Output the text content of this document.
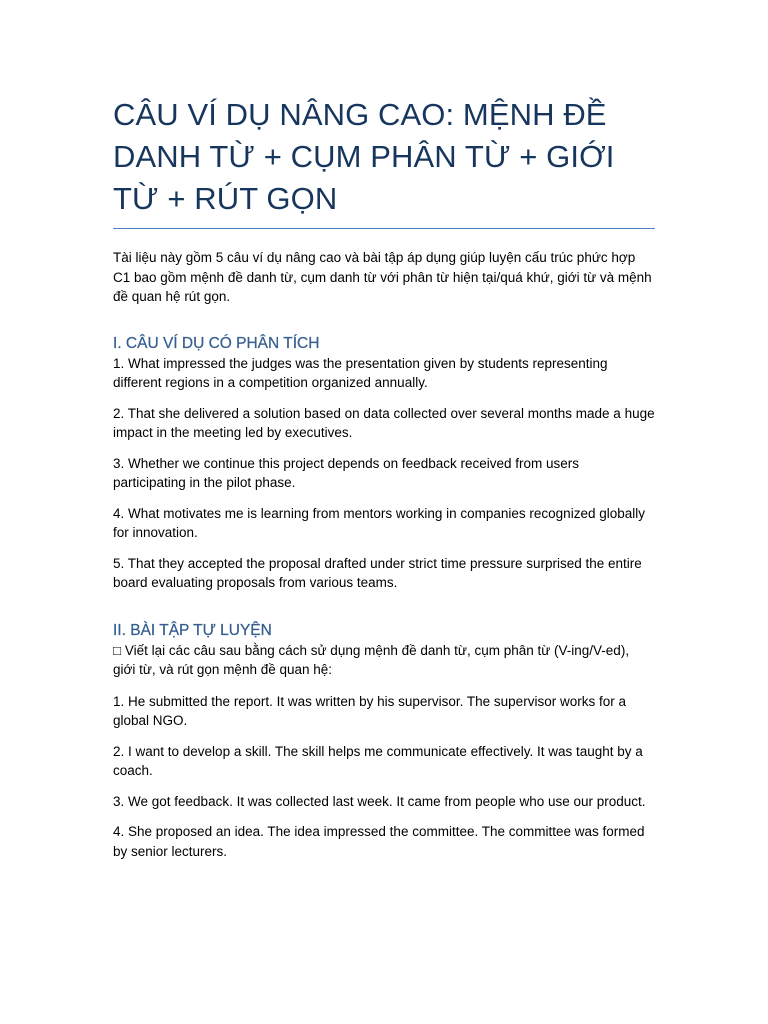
CÂU VÍ DỤ NÂNG CAO: MỆNH ĐỀ DANH TỪ + CỤM PHÂN TỪ + GIỚI TỪ + RÚT GỌN

Tài liệu này gồm 5 câu ví dụ nâng cao và bài tập áp dụng giúp luyện cấu trúc phức hợp C1 bao gồm mệnh đề danh từ, cụm danh từ với phân từ hiện tại/quá khứ, giới từ và mệnh đề quan hệ rút gọn.

I. CÂU VÍ DỤ CÓ PHÂN TÍCH

1. What impressed the judges was the presentation given by students representing different regions in a competition organized annually.

2. That she delivered a solution based on data collected over several months made a huge impact in the meeting led by executives.

3. Whether we continue this project depends on feedback received from users participating in the pilot phase.

4. What motivates me is learning from mentors working in companies recognized globally for innovation.

5. That they accepted the proposal drafted under strict time pressure surprised the entire board evaluating proposals from various teams.

II. BÀI TẬP TỰ LUYỆN

□ Viết lại các câu sau bằng cách sử dụng mệnh đề danh từ, cụm phân từ (V-ing/V-ed), giới từ, và rút gọn mệnh đề quan hệ:

1. He submitted the report. It was written by his supervisor. The supervisor works for a global NGO.

2. I want to develop a skill. The skill helps me communicate effectively. It was taught by a coach.

3. We got feedback. It was collected last week. It came from people who use our product.

4. She proposed an idea. The idea impressed the committee. The committee was formed by senior lecturers.
